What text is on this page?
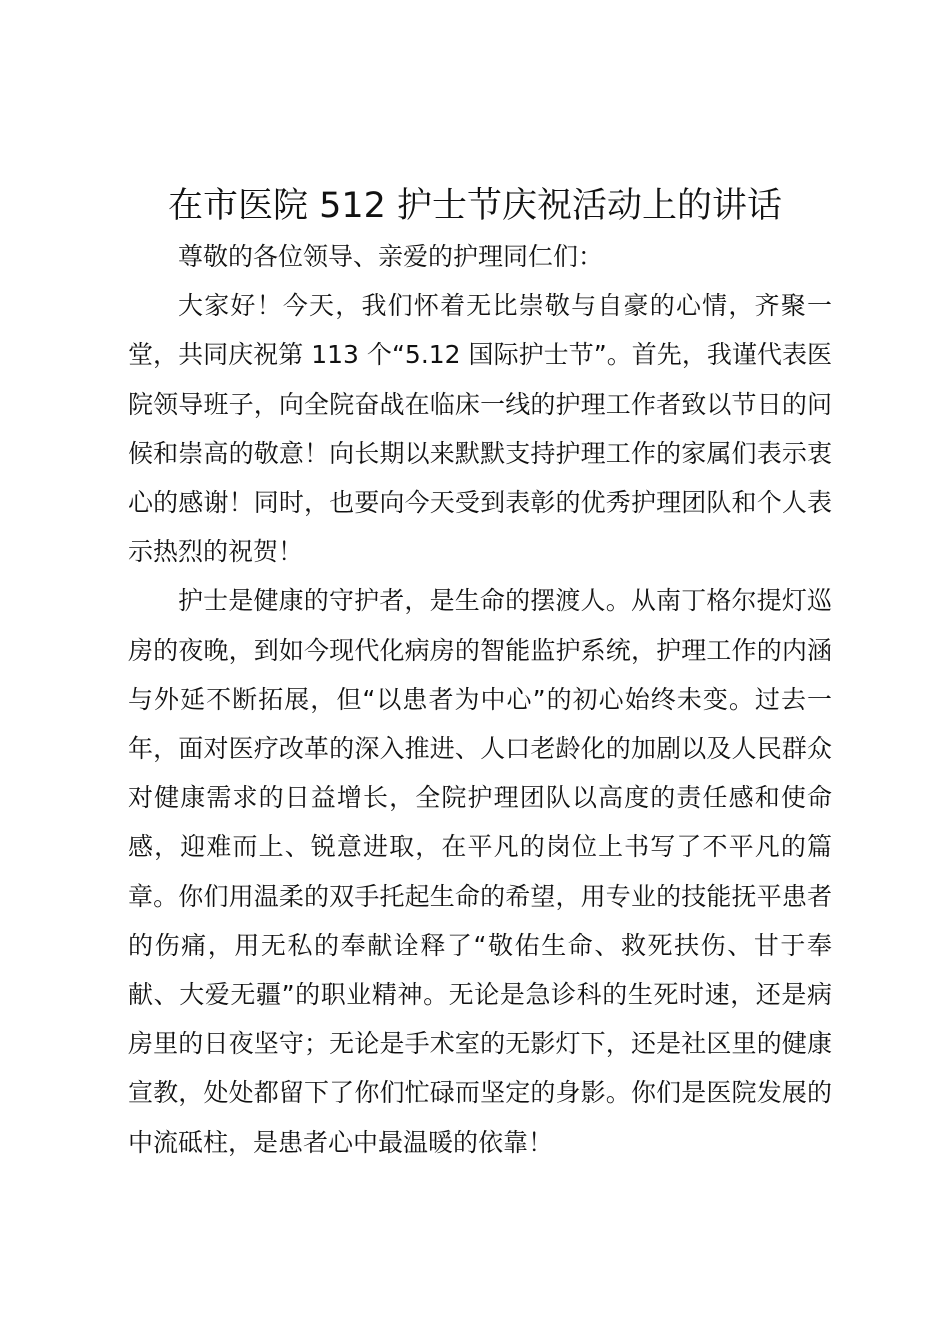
在市医院 512 护士节庆祝活动上的讲话

尊敬的各位领导、亲爱的护理同仁们：

大家好！今天，我们怀着无比崇敬与自豪的心情，齐聚一堂，共同庆祝第 113 个“5.12 国际护士节”。首先，我谨代表医院领导班子，向全院奋战在临床一线的护理工作者致以节日的问候和崇高的敬意！向长期以来默默支持护理工作的家属们表示衷心的感谢！同时，也要向今天受到表彰的优秀护理团队和个人表示热烈的祝贺！

护士是健康的守护者，是生命的摆渡人。从南丁格尔提灯巡房的夜晚，到如今现代化病房的智能监护系统，护理工作的内涵与外延不断拓展，但“以患者为中心”的初心始终未变。过去一年，面对医疗改革的深入推进、人口老龄化的加剧以及人民群众对健康需求的日益增长，全院护理团队以高度的责任感和使命感，迎难而上、锐意进取，在平凡的岗位上书写了不平凡的篇章。你们用温柔的双手托起生命的希望，用专业的技能抚平患者的伤痛，用无私的奉献诠释了“敬佑生命、救死扶伤、甘于奉献、大爱无疆”的职业精神。无论是急诊科的生死时速，还是病房里的日夜坚守；无论是手术室的无影灯下，还是社区里的健康宣教，处处都留下了你们忙碌而坚定的身影。你们是医院发展的中流砥柱，是患者心中最温暖的依靠！
